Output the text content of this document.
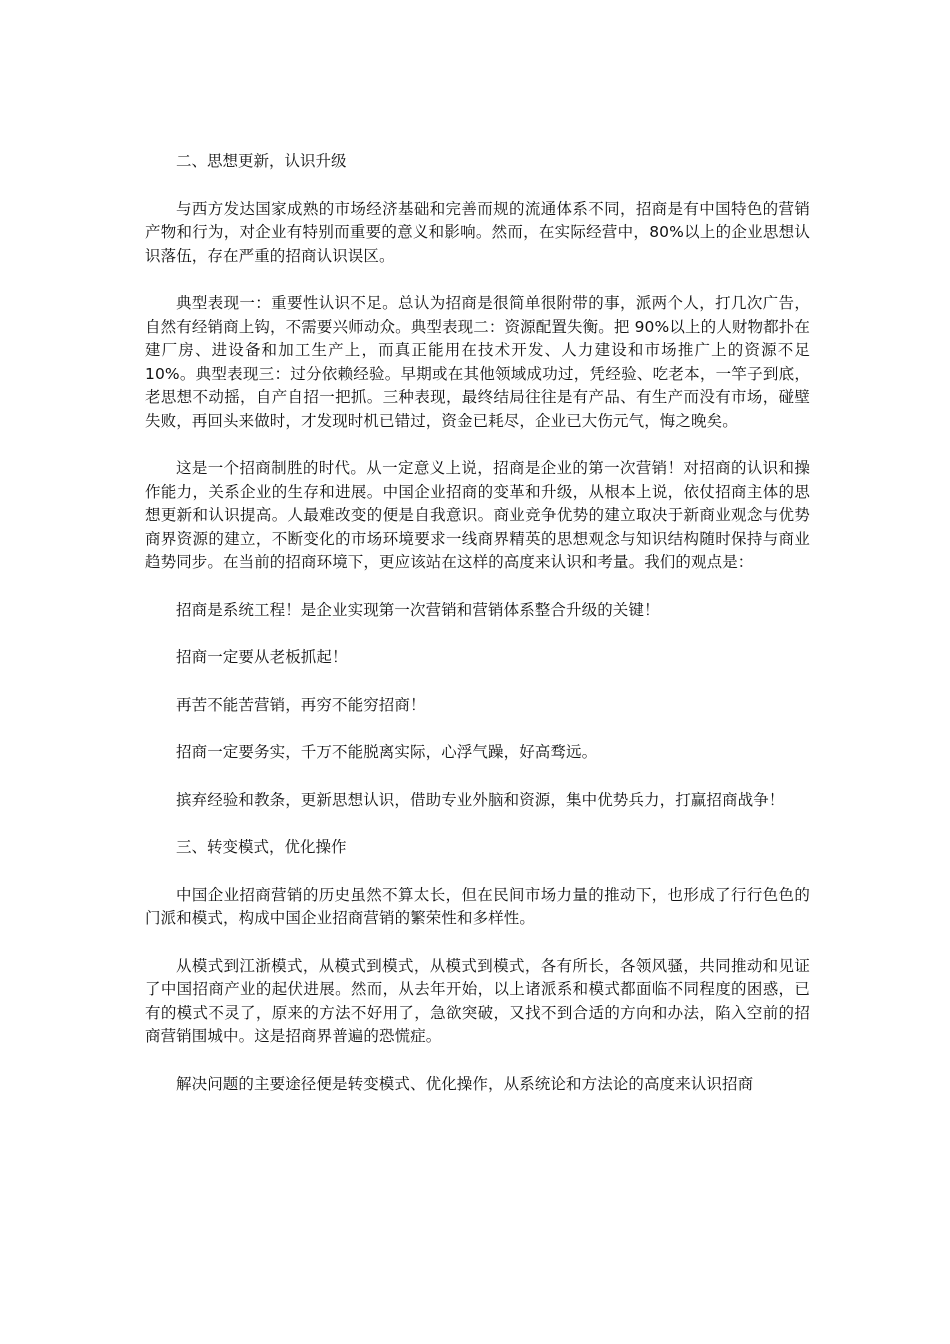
二、思想更新，认识升级

与西方发达国家成熟的市场经济基础和完善而规的流通体系不同，招商是有中国特色的营销产物和行为，对企业有特别而重要的意义和影响。然而，在实际经营中，80%以上的企业思想认识落伍，存在严重的招商认识误区。

典型表现一：重要性认识不足。总认为招商是很简单很附带的事，派两个人，打几次广告，自然有经销商上钩，不需要兴师动众。典型表现二：资源配置失衡。把 90%以上的人财物都扑在建厂房、进设备和加工生产上，而真正能用在技术开发、人力建设和市场推广上的资源不足 10%。典型表现三：过分依赖经验。早期或在其他领域成功过，凭经验、吃老本，一竿子到底，老思想不动摇，自产自招一把抓。三种表现，最终结局往往是有产品、有生产而没有市场，碰壁失败，再回头来做时，才发现时机已错过，资金已耗尽，企业已大伤元气，悔之晚矣。

这是一个招商制胜的时代。从一定意义上说，招商是企业的第一次营销！对招商的认识和操作能力，关系企业的生存和进展。中国企业招商的变革和升级，从根本上说，依仗招商主体的思想更新和认识提高。人最难改变的便是自我意识。商业竞争优势的建立取决于新商业观念与优势商界资源的建立，不断变化的市场环境要求一线商界精英的思想观念与知识结构随时保持与商业趋势同步。在当前的招商环境下，更应该站在这样的高度来认识和考量。我们的观点是：

招商是系统工程！是企业实现第一次营销和营销体系整合升级的关键！

招商一定要从老板抓起！

再苦不能苦营销，再穷不能穷招商！

招商一定要务实，千万不能脱离实际，心浮气躁，好高骛远。

摈弃经验和教条，更新思想认识，借助专业外脑和资源，集中优势兵力，打赢招商战争！

三、转变模式，优化操作

中国企业招商营销的历史虽然不算太长，但在民间市场力量的推动下，也形成了行行色色的门派和模式，构成中国企业招商营销的繁荣性和多样性。

从模式到江浙模式，从模式到模式，从模式到模式，各有所长，各领风骚，共同推动和见证了中国招商产业的起伏进展。然而，从去年开始，以上诸派系和模式都面临不同程度的困惑，已有的模式不灵了，原来的方法不好用了，急欲突破，又找不到合适的方向和办法，陷入空前的招商营销围城中。这是招商界普遍的恐慌症。

解决问题的主要途径便是转变模式、优化操作，从系统论和方法论的高度来认识招商
